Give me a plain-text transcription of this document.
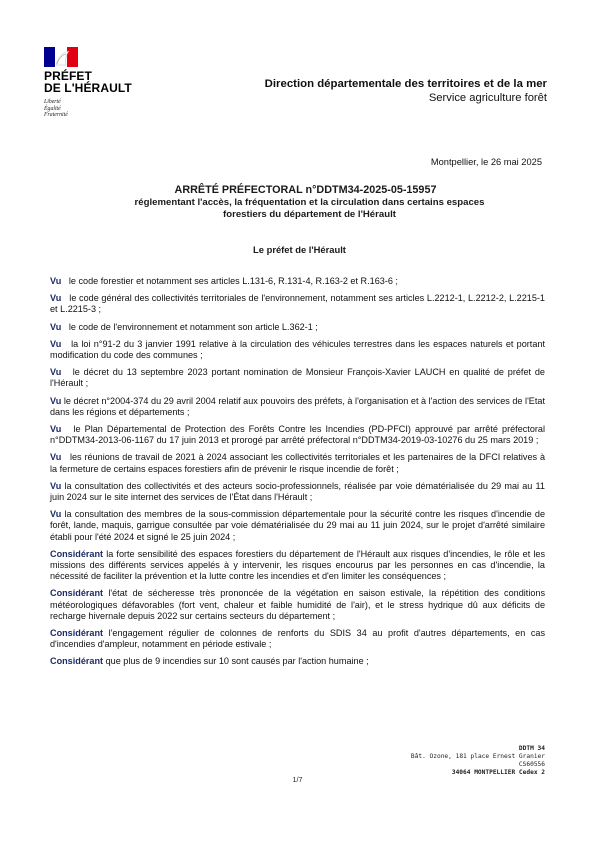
PRÉFET
DE L'HÉRAULT
Liberté
Égalité
Fraternité
Direction départementale des territoires et de la mer
Service agriculture forêt
Montpellier, le 26 mai 2025
ARRÊTÉ PRÉFECTORAL n°DDTM34-2025-05-15957
réglementant l'accès, la fréquentation et la circulation dans certains espaces
forestiers du département de l'Hérault
Le préfet de l'Hérault

Vu le code forestier et notamment ses articles L.131-6, R.131-4, R.163-2 et R.163-6 ;

Vu le code général des collectivités territoriales de l'environnement, notamment ses articles L.2212-1, L.2212-2, L.2215-1 et L.2215-3 ;

Vu le code de l'environnement et notamment son article L.362-1 ;

Vu la loi n°91-2 du 3 janvier 1991 relative à la circulation des véhicules terrestres dans les espaces naturels et portant modification du code des communes ;

Vu le décret du 13 septembre 2023 portant nomination de Monsieur François-Xavier LAUCH en qualité de préfet de l'Hérault ;

Vu le décret n°2004-374 du 29 avril 2004 relatif aux pouvoirs des préfets, à l'organisation et à l'action des services de l'Etat dans les régions et départements ;

Vu le Plan Départemental de Protection des Forêts Contre les Incendies (PD-PFCI) approuvé par arrêté préfectoral n°DDTM34-2013-06-1167 du 17 juin 2013 et prorogé par arrêté préfectoral n°DDTM34-2019-03-10276 du 25 mars 2019 ;

Vu les réunions de travail de 2021 à 2024 associant les collectivités territoriales et les partenaires de la DFCI relatives à la fermeture de certains espaces forestiers afin de prévenir le risque incendie de forêt ;

Vu la consultation des collectivités et des acteurs socio-professionnels, réalisée par voie dématérialisée du 29 mai au 11 juin 2024 sur le site internet des services de l'État dans l'Hérault ;

Vu la consultation des membres de la sous-commission départementale pour la sécurité contre les risques d'incendie de forêt, lande, maquis, garrigue consultée par voie dématérialisée du 29 mai au 11 juin 2024, sur le projet d'arrêté similaire établi pour l'été 2024 et signé le 25 juin 2024 ;

Considérant la forte sensibilité des espaces forestiers du département de l'Hérault aux risques d'incendies, le rôle et les missions des différents services appelés à y intervenir, les risques encourus par les personnes en cas d'incendie, la nécessité de faciliter la prévention et la lutte contre les incendies et d'en limiter les conséquences ;

Considérant l'état de sécheresse très prononcée de la végétation en saison estivale, la répétition des conditions météorologiques défavorables (fort vent, chaleur et faible humidité de l'air), et le stress hydrique dû aux déficits de recharge hivernale depuis 2022 sur certains secteurs du département ;

Considérant l'engagement régulier de colonnes de renforts du SDIS 34 au profit d'autres départements, en cas d'incendies d'ampleur, notamment en période estivale ;

Considérant que plus de 9 incendies sur 10 sont causés par l'action humaine ;

DDTM 34
Bât. Ozone, 181 place Ernest Granier
CS60556
34064 MONTPELLIER Cedex 2
1/7
